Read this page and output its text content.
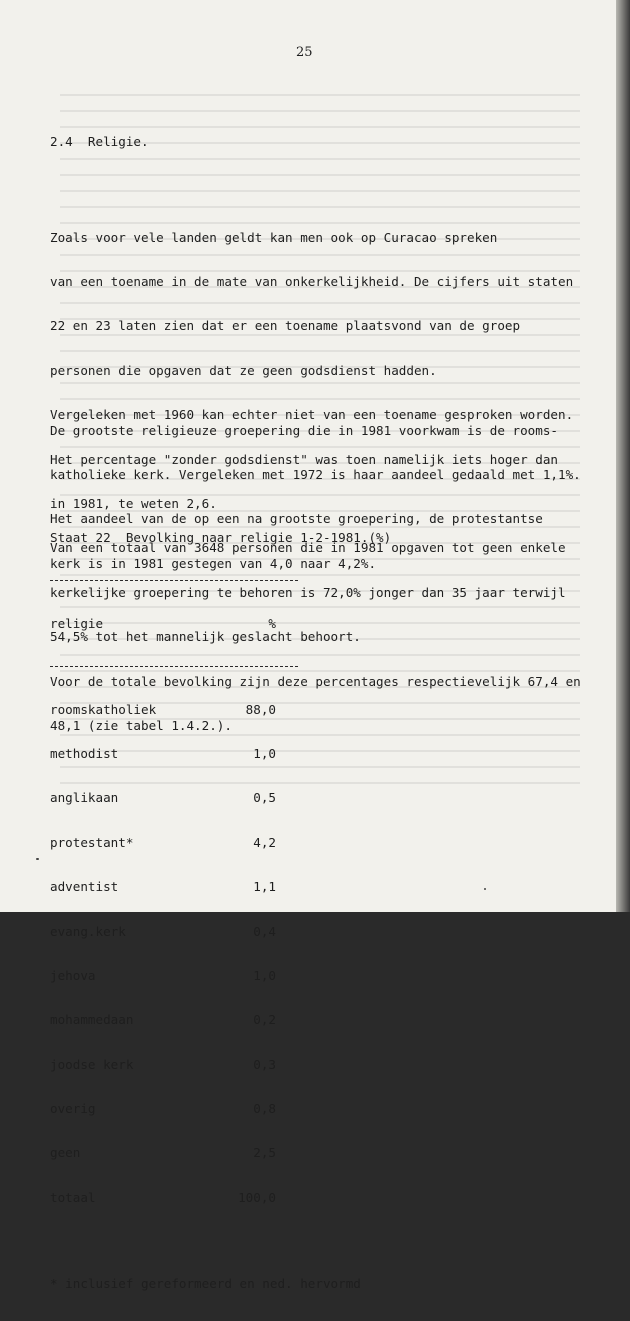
25
2.4  Religie.

Zoals voor vele landen geldt kan men ook op Curacao spreken

van een toename in de mate van onkerkelijkheid. De cijfers uit staten

22 en 23 laten zien dat er een toename plaatsvond van de groep

personen die opgaven dat ze geen godsdienst hadden.

Vergeleken met 1960 kan echter niet van een toename gesproken worden.

Het percentage "zonder godsdienst" was toen namelijk iets hoger dan

in 1981, te weten 2,6.

Van een totaal van 3648 personen die in 1981 opgaven tot geen enkele

kerkelijke groepering te behoren is 72,0% jonger dan 35 jaar terwijl

54,5% tot het mannelijk geslacht behoort.

Voor de totale bevolking zijn deze percentages respectievelijk 67,4 en

48,1 (zie tabel 1.4.2.).

De grootste religieuze groepering die in 1981 voorkwam is de rooms-

katholieke kerk. Vergeleken met 1972 is haar aandeel gedaald met 1,1%.

Het aandeel van de op een na grootste groepering, de protestantse

kerk is in 1981 gestegen van 4,0 naar 4,2%.

Staat 22  Bevolking naar religie 1-2-1981.(%)

religie	%

roomskatholiek	88,0

methodist	1,0

anglikaan	0,5

protestant*	4,2

adventist	1,1

evang.kerk	0,4

jehova	1,0

mohammedaan	0,2

joodse kerk	0,3

overig	0,8

geen	2,5

totaal	100,0

* inclusief gereformeerd en ned. hervormd
